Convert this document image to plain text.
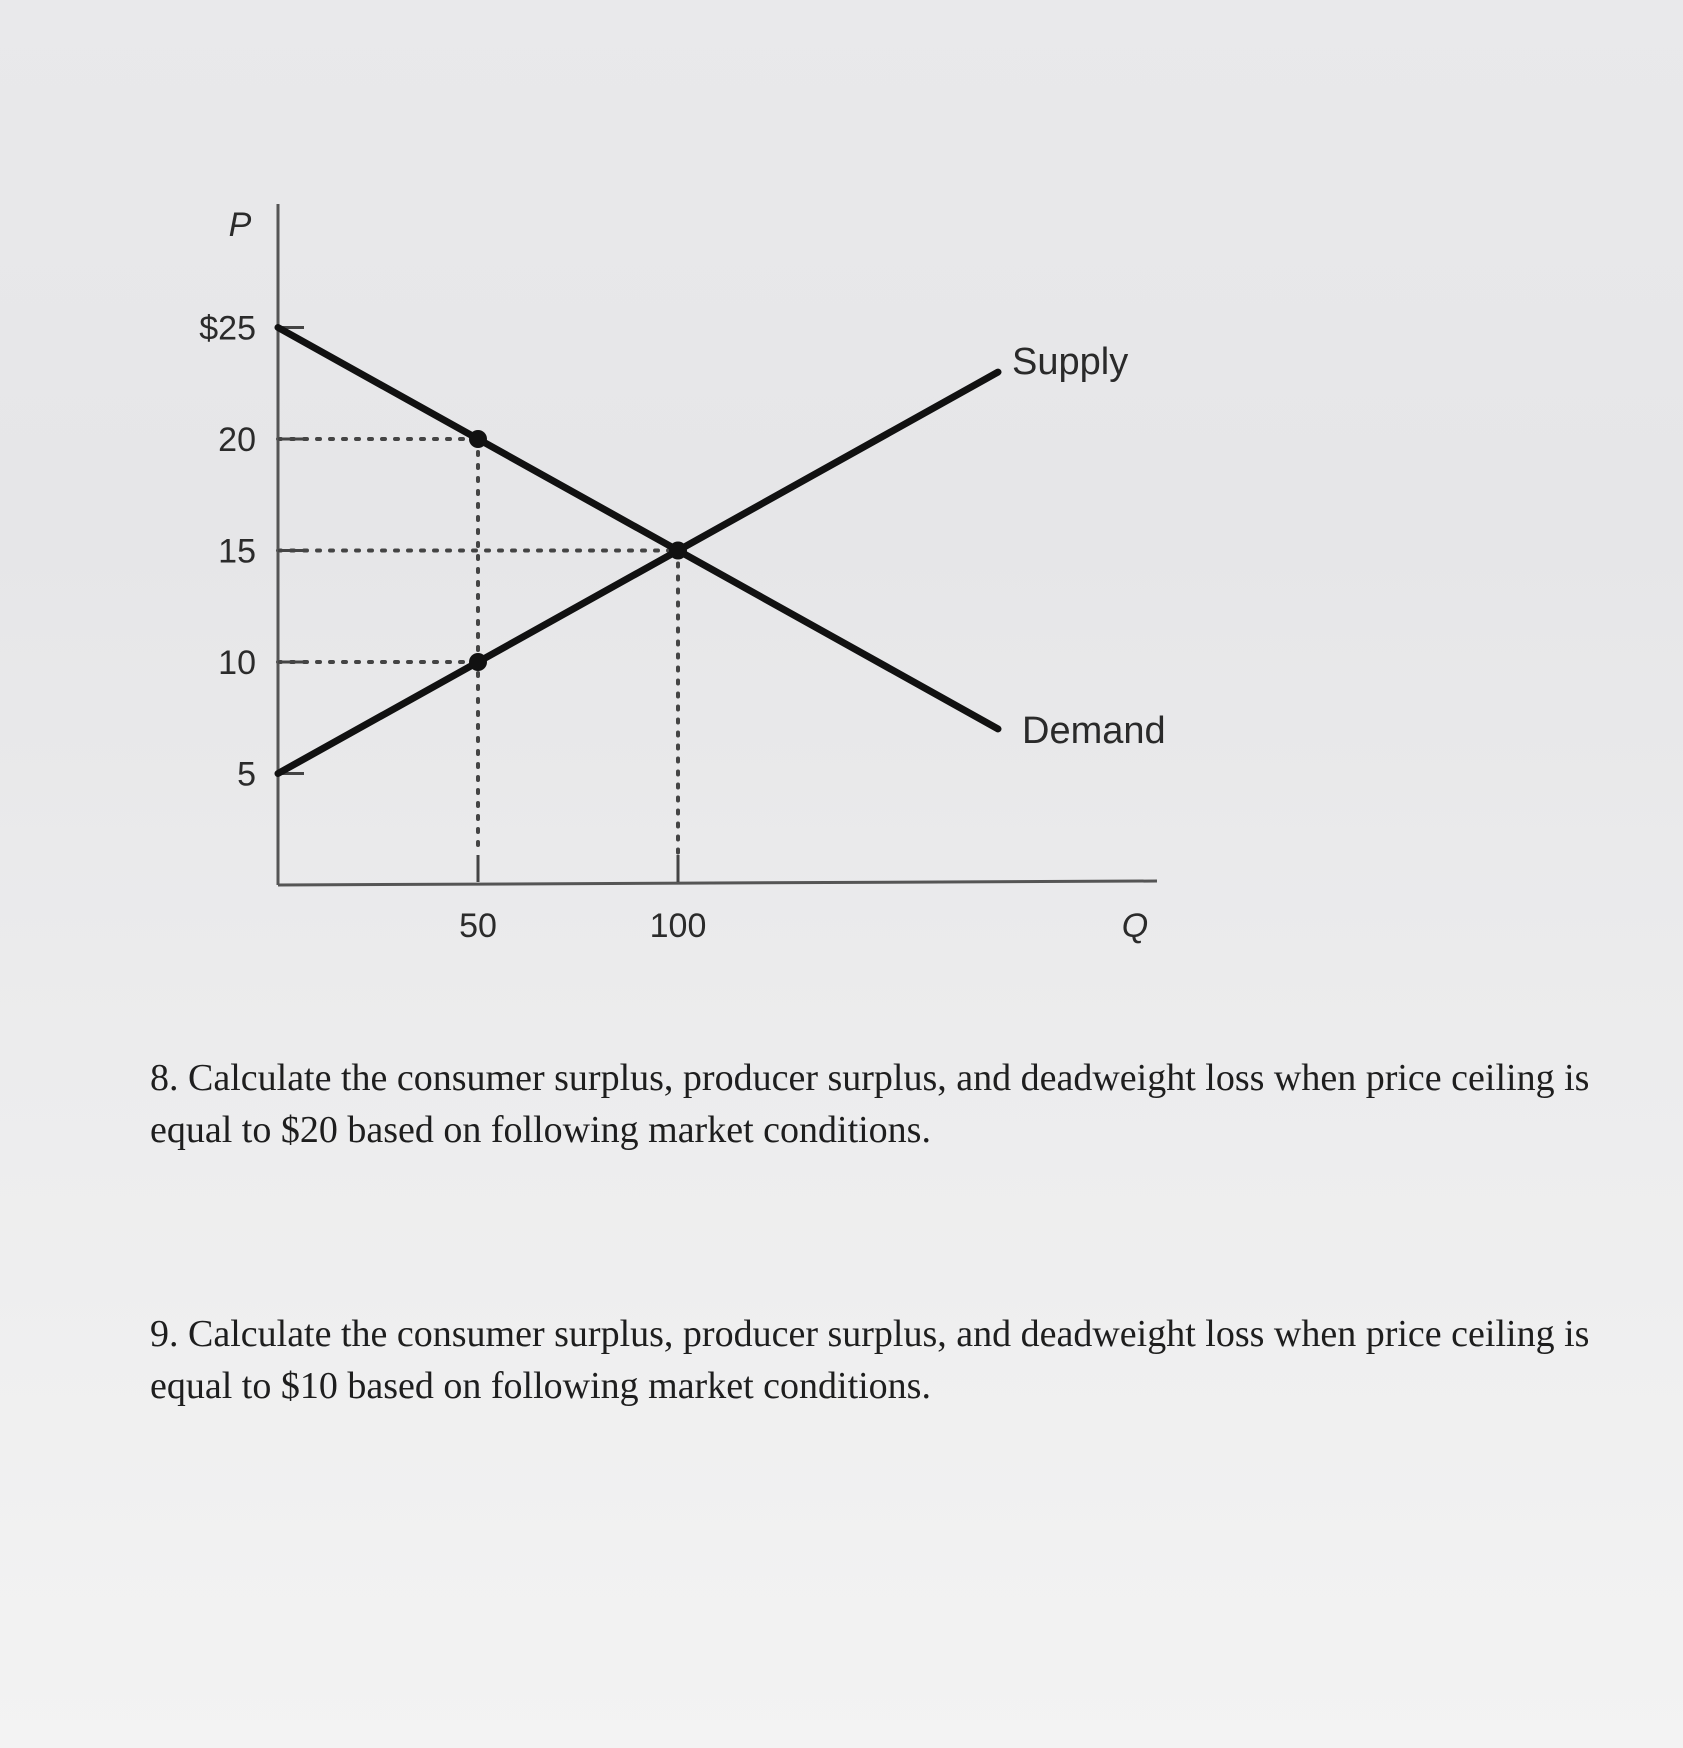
$25
20
15
10
5
50	100
P
Q
Supply
Demand
8. Calculate the consumer surplus, producer surplus, and deadweight loss when price ceiling is equal to $20 based on following market conditions.
9. Calculate the consumer surplus, producer surplus, and deadweight loss when price ceiling is equal to $10 based on following market conditions.
